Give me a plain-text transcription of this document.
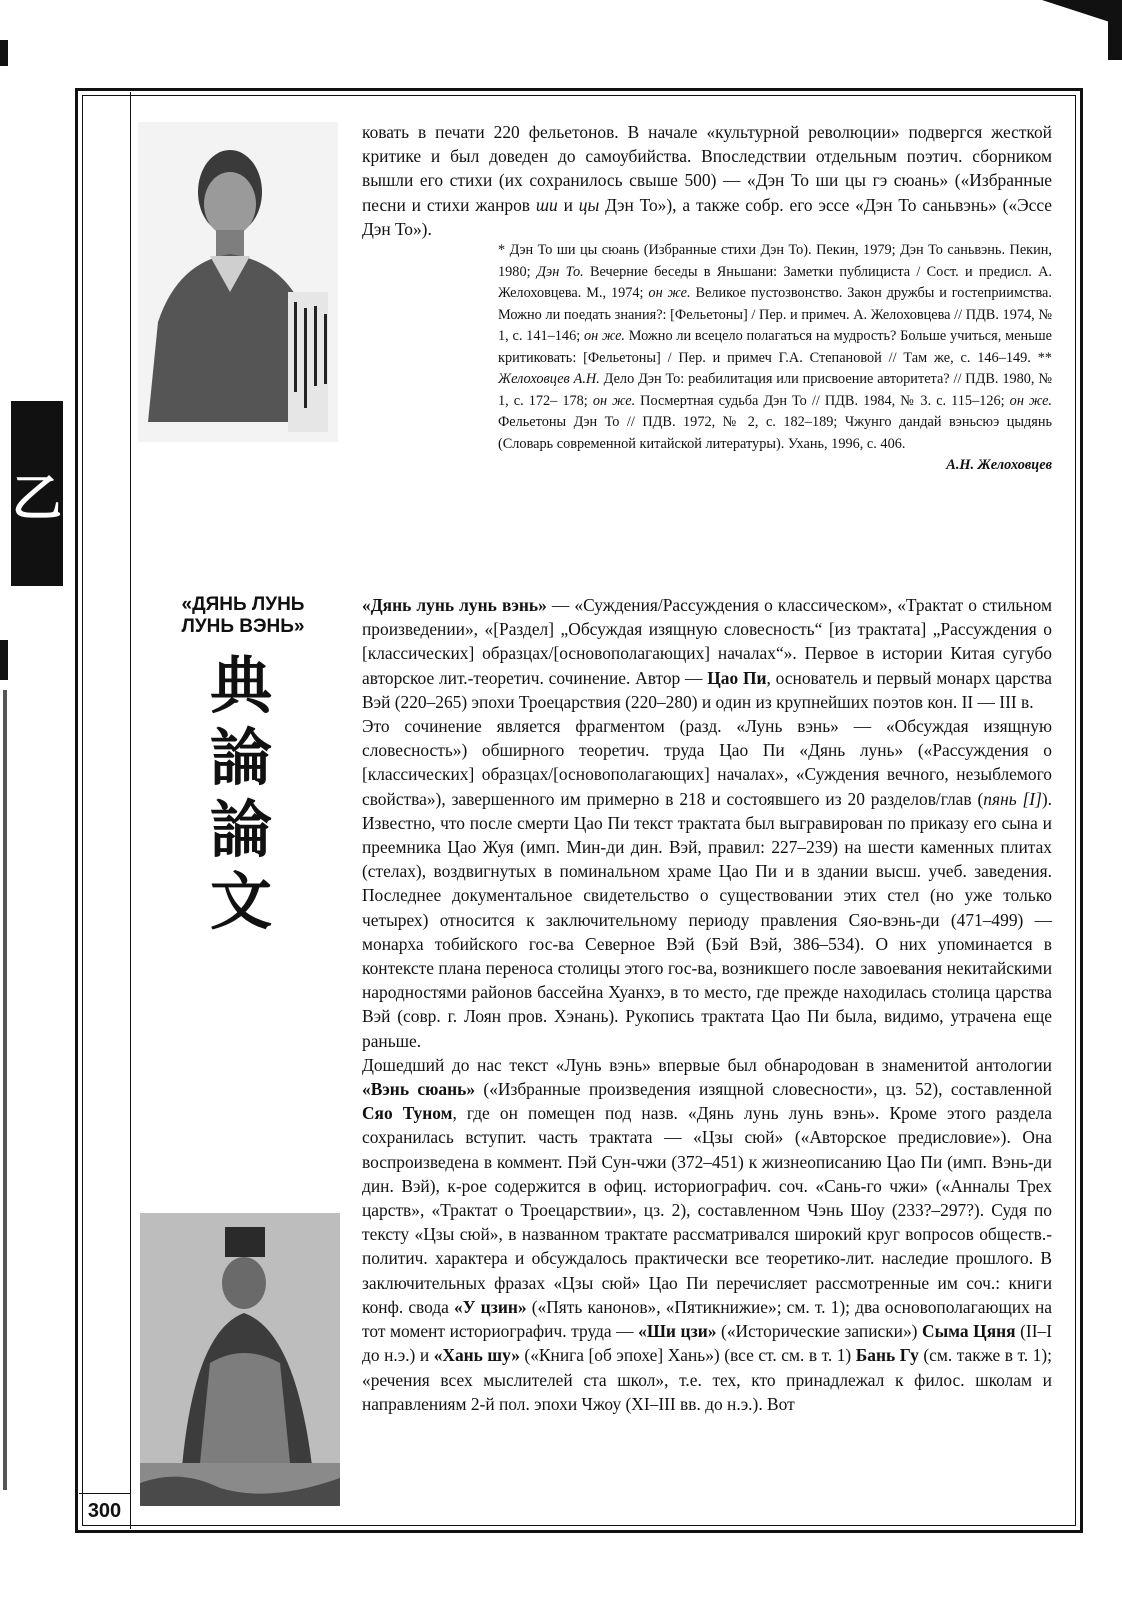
乙

ковать в печати 220 фельетонов. В начале «культурной революции» подвергся жесткой критике и был доведен до самоубийства. Впоследствии отдельным поэтич. сборником вышли его стихи (их сохранилось свыше 500) — «Дэн То ши цы гэ сюань» («Избранные песни и стихи жанров ши и цы Дэн То»), а также собр. его эссе «Дэн То саньвэнь» («Эссе Дэн То»).

* Дэн То ши цы сюань (Избранные стихи Дэн То). Пекин, 1979; Дэн То саньвэнь. Пекин, 1980; Дэн То. Вечерние беседы в Яньшани: Заметки публициста / Сост. и предисл. А. Желоховцева. М., 1974; он же. Великое пустозвонство. Закон дружбы и гостеприимства. Можно ли поедать знания?: [Фельетоны] / Пер. и примеч. А. Желоховцева // ПДВ. 1974, № 1, с. 141–146; он же. Можно ли всецело полагаться на мудрость? Больше учиться, меньше критиковать: [Фельетоны] / Пер. и примеч Г.А. Степановой // Там же, с. 146–149. ** Желоховцев А.Н. Дело Дэн То: реабилитация или присвоение авторитета? // ПДВ. 1980, № 1, с. 172– 178; он же. Посмертная судьба Дэн То // ПДВ. 1984, № 3. с. 115–126; он же. Фельетоны Дэн То // ПДВ. 1972, № 2, с. 182–189; Чжунго дандай вэньсюэ цыдянь (Словарь современной китайской литературы). Ухань, 1996, с. 406.
А.Н. Желоховцев
«ДЯНЬ ЛУНЬ
ЛУНЬ ВЭНЬ»
典
論
論
文

«Дянь лунь лунь вэнь» — «Суждения/Рассуждения о классическом», «Трактат о стильном произведении», «[Раздел] „Обсуждая изящную словесность“ [из трактата] „Рассуждения о [классических] образцах/[основополагающих] началах“». Первое в истории Китая сугубо авторское лит.-теоретич. сочинение. Автор — Цао Пи, основатель и первый монарх царства Вэй (220–265) эпохи Троецарствия (220–280) и один из крупнейших поэтов кон. II — III в.

Это сочинение является фрагментом (разд. «Лунь вэнь» — «Обсуждая изящную словесность») обширного теоретич. труда Цао Пи «Дянь лунь» («Рассуждения о [классических] образцах/[основополагающих] началах», «Суждения вечного, незыблемого свойства»), завершенного им примерно в 218 и состоявшего из 20 разделов/глав (пянь [I]). Известно, что после смерти Цао Пи текст трактата был выгравирован по приказу его сына и преемника Цао Жуя (имп. Мин-ди дин. Вэй, правил: 227–239) на шести каменных плитах (стелах), воздвигнутых в поминальном храме Цао Пи и в здании высш. учеб. заведения. Последнее документальное свидетельство о существовании этих стел (но уже только четырех) относится к заключительному периоду правления Сяо-вэнь-ди (471–499) — монарха тобийского гос-ва Северное Вэй (Бэй Вэй, 386–534). О них упоминается в контексте плана переноса столицы этого гос-ва, возникшего после завоевания некитайскими народностями районов бассейна Хуанхэ, в то место, где прежде находилась столица царства Вэй (совр. г. Лоян пров. Хэнань). Рукопись трактата Цао Пи была, видимо, утрачена еще раньше.

Дошедший до нас текст «Лунь вэнь» впервые был обнародован в знаменитой антологии «Вэнь сюань» («Избранные произведения изящной словесности», цз. 52), составленной Сяо Туном, где он помещен под назв. «Дянь лунь лунь вэнь». Кроме этого раздела сохранилась вступит. часть трактата — «Цзы сюй» («Авторское предисловие»). Она воспроизведена в коммент. Пэй Сун-чжи (372–451) к жизнеописанию Цао Пи (имп. Вэнь-ди дин. Вэй), к-рое содержится в офиц. историографич. соч. «Сань-го чжи» («Анналы Трех царств», «Трактат о Троецарствии», цз. 2), составленном Чэнь Шоу (233?–297?). Судя по тексту «Цзы сюй», в названном трактате рассматривался широкий круг вопросов обществ.-политич. характера и обсуждалось практически все теоретико-лит. наследие прошлого. В заключительных фразах «Цзы сюй» Цао Пи перечисляет рассмотренные им соч.: книги конф. свода «У цзин» («Пять канонов», «Пятикнижие»; см. т. 1); два основополагающих на тот момент историографич. труда — «Ши цзи» («Исторические записки») Сыма Цяня (II–I до н.э.) и «Хань шу» («Книга [об эпохе] Хань») (все ст. см. в т. 1) Бань Гу (см. также в т. 1); «речения всех мыслителей ста школ», т.е. тех, кто принадлежал к филос. школам и направлениям 2-й пол. эпохи Чжоу (XI–III вв. до н.э.). Вот

300
